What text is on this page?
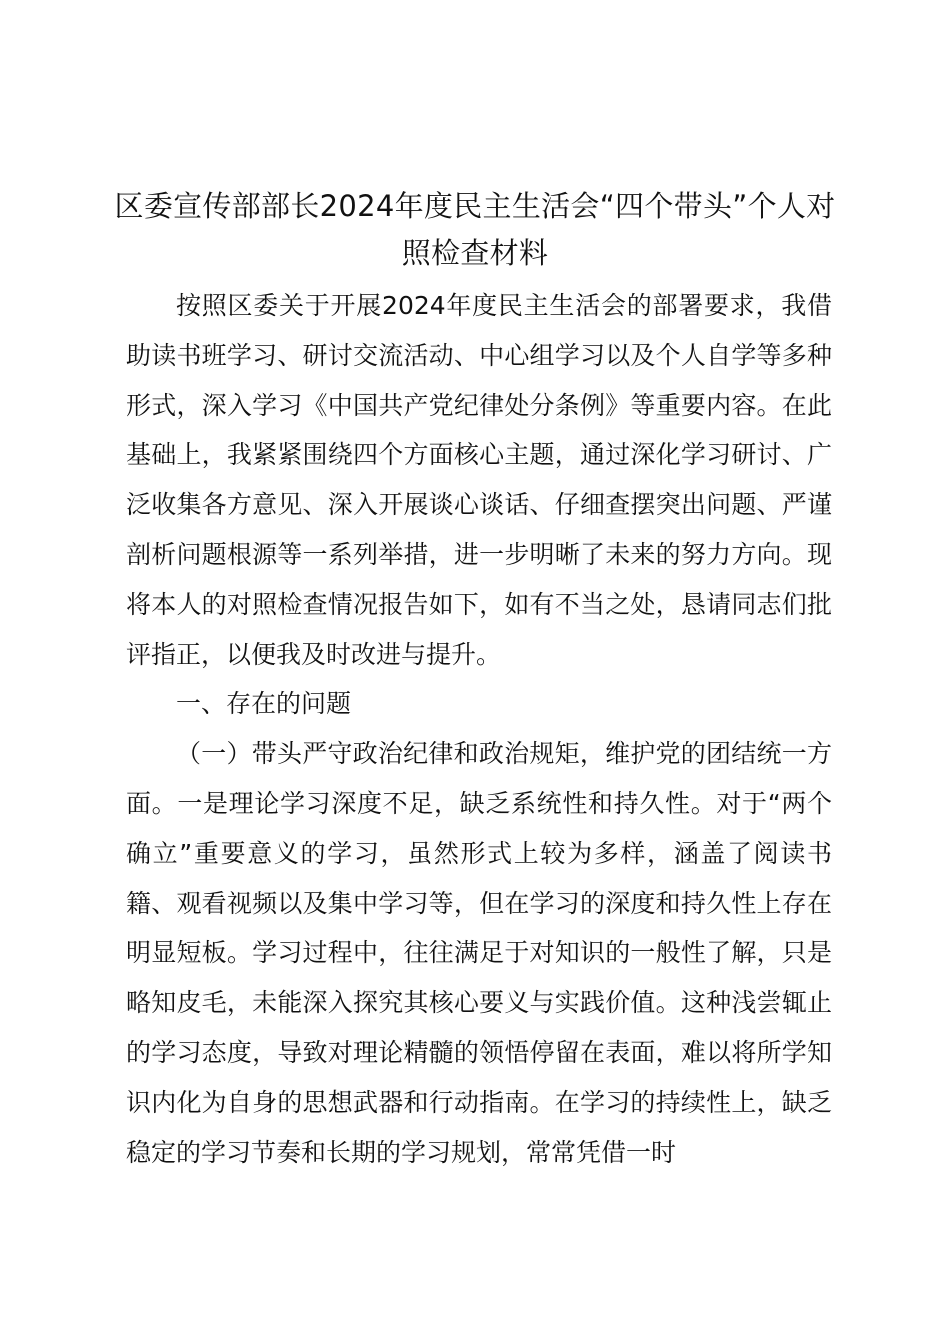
区委宣传部部长2024年度民主生活会“四个带头”个人对照检查材料

按照区委关于开展2024年度民主生活会的部署要求，我借助读书班学习、研讨交流活动、中心组学习以及个人自学等多种形式，深入学习《中国共产党纪律处分条例》等重要内容。在此基础上，我紧紧围绕四个方面核心主题，通过深化学习研讨、广泛收集各方意见、深入开展谈心谈话、仔细查摆突出问题、严谨剖析问题根源等一系列举措，进一步明晰了未来的努力方向。现将本人的对照检查情况报告如下，如有不当之处，恳请同志们批评指正，以便我及时改进与提升。

一、存在的问题

（一）带头严守政治纪律和政治规矩，维护党的团结统一方面。一是理论学习深度不足，缺乏系统性和持久性。对于“两个确立”重要意义的学习，虽然形式上较为多样，涵盖了阅读书籍、观看视频以及集中学习等，但在学习的深度和持久性上存在明显短板。学习过程中，往往满足于对知识的一般性了解，只是略知皮毛，未能深入探究其核心要义与实践价值。这种浅尝辄止的学习态度，导致对理论精髓的领悟停留在表面，难以将所学知识内化为自身的思想武器和行动指南。在学习的持续性上，缺乏稳定的学习节奏和长期的学习规划，常常凭借一时
